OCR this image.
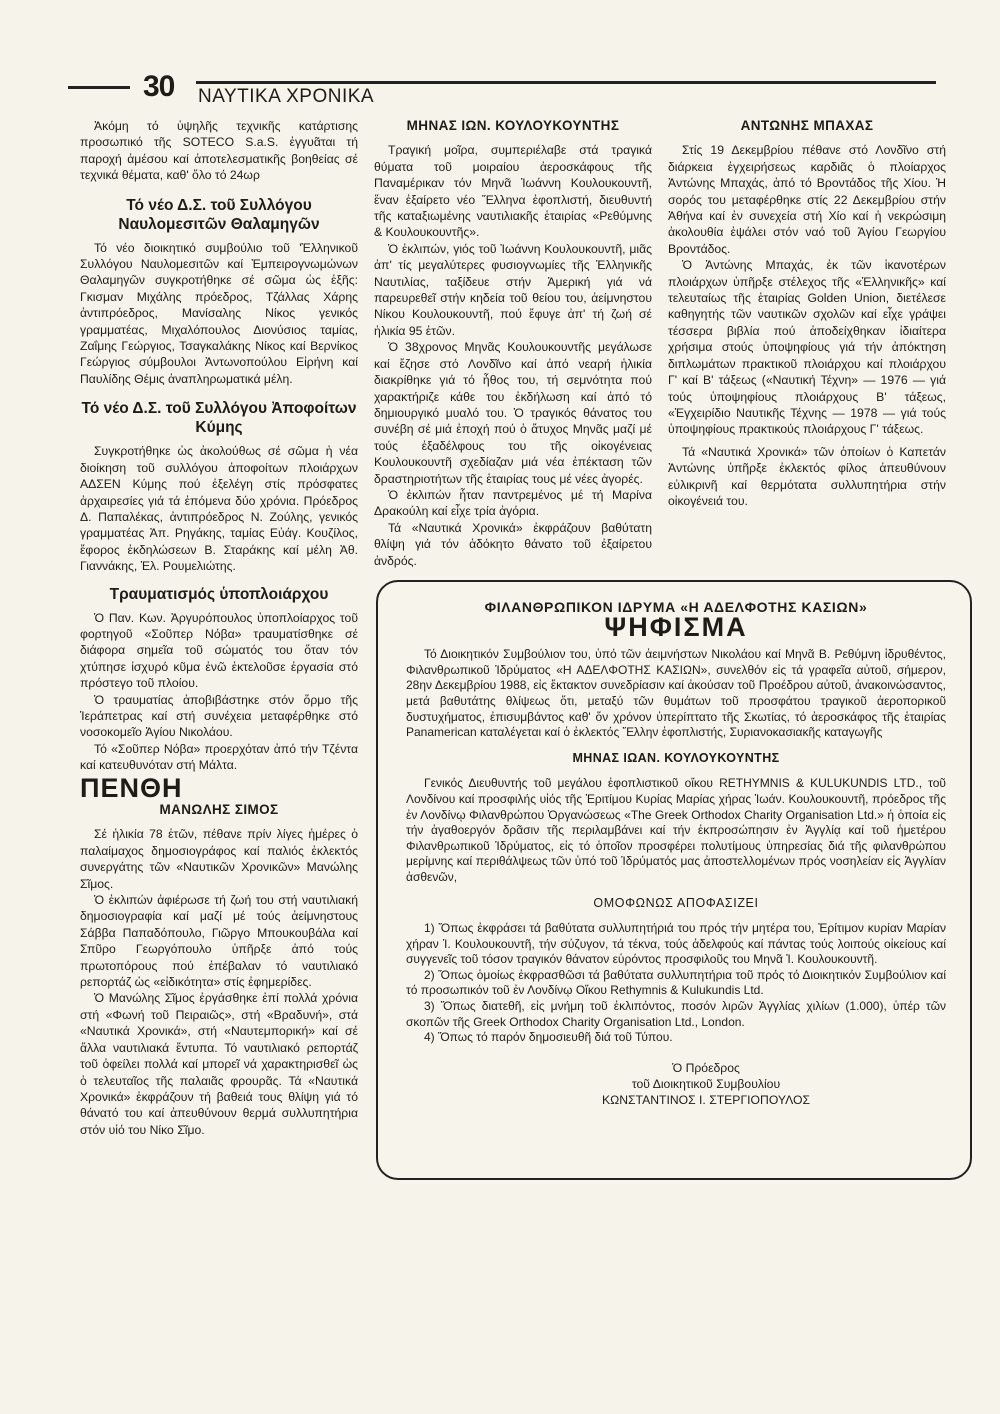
30 ΝΑΥΤΙΚΑ ΧΡΟΝΙΚΑ

Ἀκόμη τό ὑψηλῆς τεχνικῆς κατάρτισης προσωπικό τῆς SOTECO S.a.S. ἐγγυᾶται τή παροχή ἀμέσου καί ἀποτελεσματικῆς βοηθείας σέ τεχνικά θέματα, καθ' ὅλο τό 24ωρ

Τό νέο Δ.Σ. τοῦ Συλλόγου Ναυλομεσιτῶν Θαλαμηγῶν

Τό νέο διοικητικό συμβούλιο τοῦ 'Ἑλληνικοῦ Συλλόγου Ναυλομεσιτῶν καί Ἐμπειρογνωμώνων Θαλαμηγῶν συγκροτήθηκε σέ σῶμα ὡς ἑξῆς: Γκισμαν Μιχάλης πρόεδρος, Τζάλλας Χάρης ἀντιπρόεδρος, Μανίσαλης Νίκος γενικός γραμματέας, Μιχαλόπουλος Διονύσιος ταμίας, Ζαΐμης Γεώργιος, Τσαγκαλάκης Νίκος καί Βερνίκος Γεώργιος σύμβουλοι Ἀντωνοπούλου Εἰρήνη καί Παυλίδης Θέμις ἀναπληρωματικά μέλη.

Τό νέο Δ.Σ. τοῦ Συλλόγου Ἀποφοίτων Κύμης

Συγκροτήθηκε ὡς ἀκολούθως σέ σῶμα ἡ νέα διοίκηση τοῦ συλλόγου ἀποφοίτων πλοιάρχων ΑΔΣΕΝ Κύμης πού ἐξελέγη στίς πρόσφατες ἀρχαιρεσίες γιά τά ἑπόμενα δύο χρόνια. Πρόεδρος Δ. Παπαλέκας, ἀντιπρόεδρος Ν. Ζούλης, γενικός γραμματέας Ἀπ. Ρηγάκης, ταμίας Εὐάγ. Κουζίλος, ἔφορος ἐκδηλώσεων Β. Σταράκης καί μέλη Ἀθ. Γιαννάκης, Ἐλ. Ρουμελιώτης.

Τραυματισμός ὑποπλοιάρχου

Ὁ Παν. Κων. Ἀργυρόπουλος ὑποπλοίαρχος τοῦ φορτηγοῦ «Σοῦπερ Νόβα» τραυματίσθηκε σέ διάφορα σημεῖα τοῦ σώματός του ὅταν τόν χτύπησε ἰσχυρό κῦμα ἐνῶ ἐκτελοῦσε ἐργασία στό πρόστεγο τοῦ πλοίου.

Ὁ τραυματίας ἀποβιβάστηκε στόν ὅρμο τῆς Ἱεράπετρας καί στή συνέχεια μεταφέρθηκε στό νοσοκομεῖο Ἁγίου Νικολάου.

Τό «Σοῦπερ Νόβα» προερχόταν ἀπό τήν Τζέντα καί κατευθυνόταν στή Μάλτα.

ΠΕΝΘΗ
ΜΑΝΩΛΗΣ ΣΙΜΟΣ

Σέ ἡλικία 78 ἐτῶν, πέθανε πρίν λίγες ἡμέρες ὁ παλαίμαχος δημοσιογράφος καί παλιός ἐκλεκτός συνεργάτης τῶν «Ναυτικῶν Χρονικῶν» Μανώλης Σῖμος.

Ὁ ἐκλιπών ἀφιέρωσε τή ζωή του στή ναυτιλιακή δημοσιογραφία καί μαζί μέ τούς ἀείμνηστους Σάββα Παπαδόπουλο, Γιῶργο Μπουκουβάλα καί Σπῦρο Γεωργόπουλο ὑπῆρξε ἀπό τούς πρωτοπόρους πού ἐπέβαλαν τό ναυτιλιακό ρεπορτάζ ὡς «εἰδικότητα» στίς ἐφημερίδες.

Ὁ Μανώλης Σῖμος ἐργάσθηκε ἐπί πολλά χρόνια στή «Φωνή τοῦ Πειραιῶς», στή «Βραδυνή», στά «Ναυτικά Χρονικά», στή «Ναυτεμπορική» καί σέ ἄλλα ναυτιλιακά ἔντυπα. Τό ναυτιλιακό ρεπορτάζ τοῦ ὀφείλει πολλά καί μπορεῖ νά χαρακτηρισθεῖ ὡς ὁ τελευταῖος τῆς παλαιᾶς φρουρᾶς. Τά «Ναυτικά Χρονικά» ἐκφράζουν τή βαθειά τους θλίψη γιά τό θάνατό του καί ἀπευθύνουν θερμά συλλυπητήρια στόν υἱό του Νίκο Σῖμο.

ΜΗΝΑΣ ΙΩΝ. ΚΟΥΛΟΥΚΟΥΝΤΗΣ

Τραγική μοῖρα, συμπεριέλαβε στά τραγικά θύματα τοῦ μοιραίου ἀεροσκάφους τῆς Παναμέρικαν τόν Μηνᾶ Ἰωάννη Κουλουκουντῆ, ἕναν ἐξαίρετο νέο Ἕλληνα ἐφοπλιστή, διευθυντή τῆς καταξιωμένης ναυτιλιακῆς ἑταιρίας «Ρεθύμνης & Κουλουκουντῆς».

Ὁ ἐκλιπών, γιός τοῦ Ἰωάννη Κουλουκουντῆ, μιᾶς ἀπ' τίς μεγαλύτερες φυσιογνωμίες τῆς Ἑλληνικῆς Ναυτιλίας, ταξίδευε στήν Ἀμερική γιά νά παρευρεθεῖ στήν κηδεία τοῦ θείου του, ἀείμνηστου Νίκου Κουλουκουντῆ, πού ἔφυγε ἀπ' τή ζωή σέ ἡλικία 95 ἐτῶν.

Ὁ 38χρονος Μηνᾶς Κουλουκουντῆς μεγάλωσε καί ἔζησε στό Λονδῖνο καί ἀπό νεαρή ἡλικία διακρίθηκε γιά τό ἦθος του, τή σεμνότητα πού χαρακτήριζε κάθε του ἐκδήλωση καί ἀπό τό δημιουργικό μυαλό του. Ὁ τραγικός θάνατος του συνέβη σέ μιά ἐποχή πού ὁ ἄτυχος Μηνᾶς μαζί μέ τούς ἐξαδέλφους του τῆς οἰκογένειας Κουλουκουντῆ σχεδίαζαν μιά νέα ἐπέκταση τῶν δραστηριοτήτων τῆς ἑταιρίας τους μέ νέες ἀγορές.

Ὁ ἐκλιπών ἦταν παντρεμένος μέ τή Μαρίνα Δρακούλη καί εἶχε τρία ἀγόρια.

Τά «Ναυτικά Χρονικά» ἐκφράζουν βαθύτατη θλίψη γιά τόν ἀδόκητο θάνατο τοῦ ἐξαίρετου ἀνδρός.

ΑΝΤΩΝΗΣ ΜΠΑΧΑΣ

Στίς 19 Δεκεμβρίου πέθανε στό Λονδῖνο στή διάρκεια ἐγχειρήσεως καρδιᾶς ὁ πλοίαρχος Ἀντώνης Μπαχάς, ἀπό τό Βροντάδος τῆς Χίου. Ἡ σορός του μεταφέρθηκε στίς 22 Δεκεμβρίου στήν Ἀθήνα καί ἐν συνεχεία στή Χίο καί ἡ νεκρώσιμη ἀκολουθία ἐψάλει στόν ναό τοῦ Ἁγίου Γεωργίου Βροντάδος.

Ὁ Ἀντώνης Μπαχάς, ἐκ τῶν ἱκανοτέρων πλοιάρχων ὑπῆρξε στέλεχος τῆς «Ἑλληνικῆς» καί τελευταίως τῆς ἑταιρίας Golden Union, διετέλεσε καθηγητής τῶν ναυτικῶν σχολῶν καί εἶχε γράψει τέσσερα βιβλία πού ἀποδείχθηκαν ἰδιαίτερα χρήσιμα στούς ὑποψηφίους γιά τήν ἀπόκτηση διπλωμάτων πρακτικοῦ πλοιάρχου καί πλοιάρχου Γ' καί Β' τάξεως («Ναυτική Τέχνη» — 1976 — γιά τούς ὑποψηφίους πλοιάρχους Β' τάξεως, «Ἐγχειρίδιο Ναυτικῆς Τέχνης — 1978 — γιά τούς ὑποψηφίους πρακτικούς πλοιάρχους Γ' τάξεως.

Τά «Ναυτικά Χρονικά» τῶν ὁποίων ὁ Καπετάν Ἀντώνης ὑπῆρξε ἐκλεκτός φίλος ἀπευθύνουν εὐλικρινῆ καί θερμότατα συλλυπητήρια στήν οἰκογένειά του.

ΦΙΛΑΝΘΡΩΠΙΚΟΝ ΙΔΡΥΜΑ «Η ΑΔΕΛΦΟΤΗΣ ΚΑΣΙΩΝ»
ΨΗΦΙΣΜΑ

Τό Διοικητικόν Συμβούλιον του, ὑπό τῶν ἀειμνήστων Νικολάου καί Μηνᾶ Β. Ρεθύμνη ἱδρυθέντος, Φιλανθρωπικοῦ Ἱδρύματος «Η ΑΔΕΛΦΟΤΗΣ ΚΑΣΙΩΝ», συνελθόν εἰς τά γραφεῖα αὐτοῦ, σήμερον, 28ην Δεκεμβρίου 1988, εἰς ἔκτακτον συνεδρίασιν καί ἀκούσαν τοῦ Προέδρου αὐτοῦ, ἀνακοινώσαντος, μετά βαθυτάτης θλίψεως ὅτι, μεταξύ τῶν θυμάτων τοῦ προσφάτου τραγικοῦ ἀεροπορικοῦ δυστυχήματος, ἐπισυμβάντος καθ' ὅν χρόνον ὑπερίπτατο τῆς Σκωτίας, τό ἀεροσκάφος τῆς ἑταιρίας Panamerican καταλέγεται καί ὁ ἐκλεκτός Ἕλλην ἐφοπλιστής, Συριανοκασιακῆς καταγωγῆς

ΜΗΝΑΣ ΙΩΑΝ. ΚΟΥΛΟΥΚΟΥΝΤΗΣ

Γενικός Διευθυντής τοῦ μεγάλου ἐφοπλιστικοῦ οἴκου RETHYMNIS & KULUKUNDIS LTD., τοῦ Λονδίνου καί προσφιλής υἱός τῆς Ἐριτίμου Κυρίας Μαρίας χήρας Ἰωάν. Κουλουκουντῆ, πρόεδρος τῆς ἐν Λονδίνῳ Φιλανθρώπου Ὀργανώσεως «The Greek Orthodox Charity Organisation Ltd.» ἡ ὁποία εἰς τήν ἀγαθοεργόν δρᾶσιν τῆς περιλαμβάνει καί τήν ἐκπροσώπησιν ἐν Ἀγγλίᾳ καί τοῦ ἡμετέρου Φιλανθρωπικοῦ Ἱδρύματος, εἰς τό ὁποῖον προσφέρει πολυτίμους ὑπηρεσίας διά τῆς φιλανθρώπου μερίμνης καί περιθάλψεως τῶν ὑπό τοῦ Ἱδρύματός μας ἀποστελλομένων πρός νοσηλείαν εἰς Ἀγγλίαν ἀσθενῶν,

ΟΜΟΦΩΝΩΣ ΑΠΟΦΑΣΙΖΕΙ

1) Ὅπως ἐκφράσει τά βαθύτατα συλλυπητήριά του πρός τήν μητέρα του, Ἐρίτιμον κυρίαν Μαρίαν χήραν Ἰ. Κουλουκουντῆ, τήν σύζυγον, τά τέκνα, τούς ἀδελφούς καί πάντας τούς λοιπούς οἰκείους καί συγγενεῖς τοῦ τόσον τραγικόν θάνατον εὑρόντος προσφιλοῦς του Μηνᾶ Ἰ. Κουλουκουντῆ.

2) Ὅπως ὁμοίως ἐκφρασθῶσι τά βαθύτατα συλλυπητήρια τοῦ πρός τό Διοικητικόν Συμβούλιον καί τό προσωπικόν τοῦ ἐν Λονδίνῳ Οἴκου Rethymnis & Kulukundis Ltd.

3) Ὅπως διατεθῆ, εἰς μνήμη τοῦ ἐκλιπόντος, ποσόν λιρῶν Ἀγγλίας χιλίων (1.000), ὑπέρ τῶν σκοπῶν τῆς Greek Orthodox Charity Organisation Ltd., London.

4) Ὅπως τό παρόν δημοσιευθῆ διά τοῦ Τύπου.

Ὁ Πρόεδρος
τοῦ Διοικητικοῦ Συμβουλίου
ΚΩΝΣΤΑΝΤΙΝΟΣ Ι. ΣΤΕΡΓΙΟΠΟΥΛΟΣ
